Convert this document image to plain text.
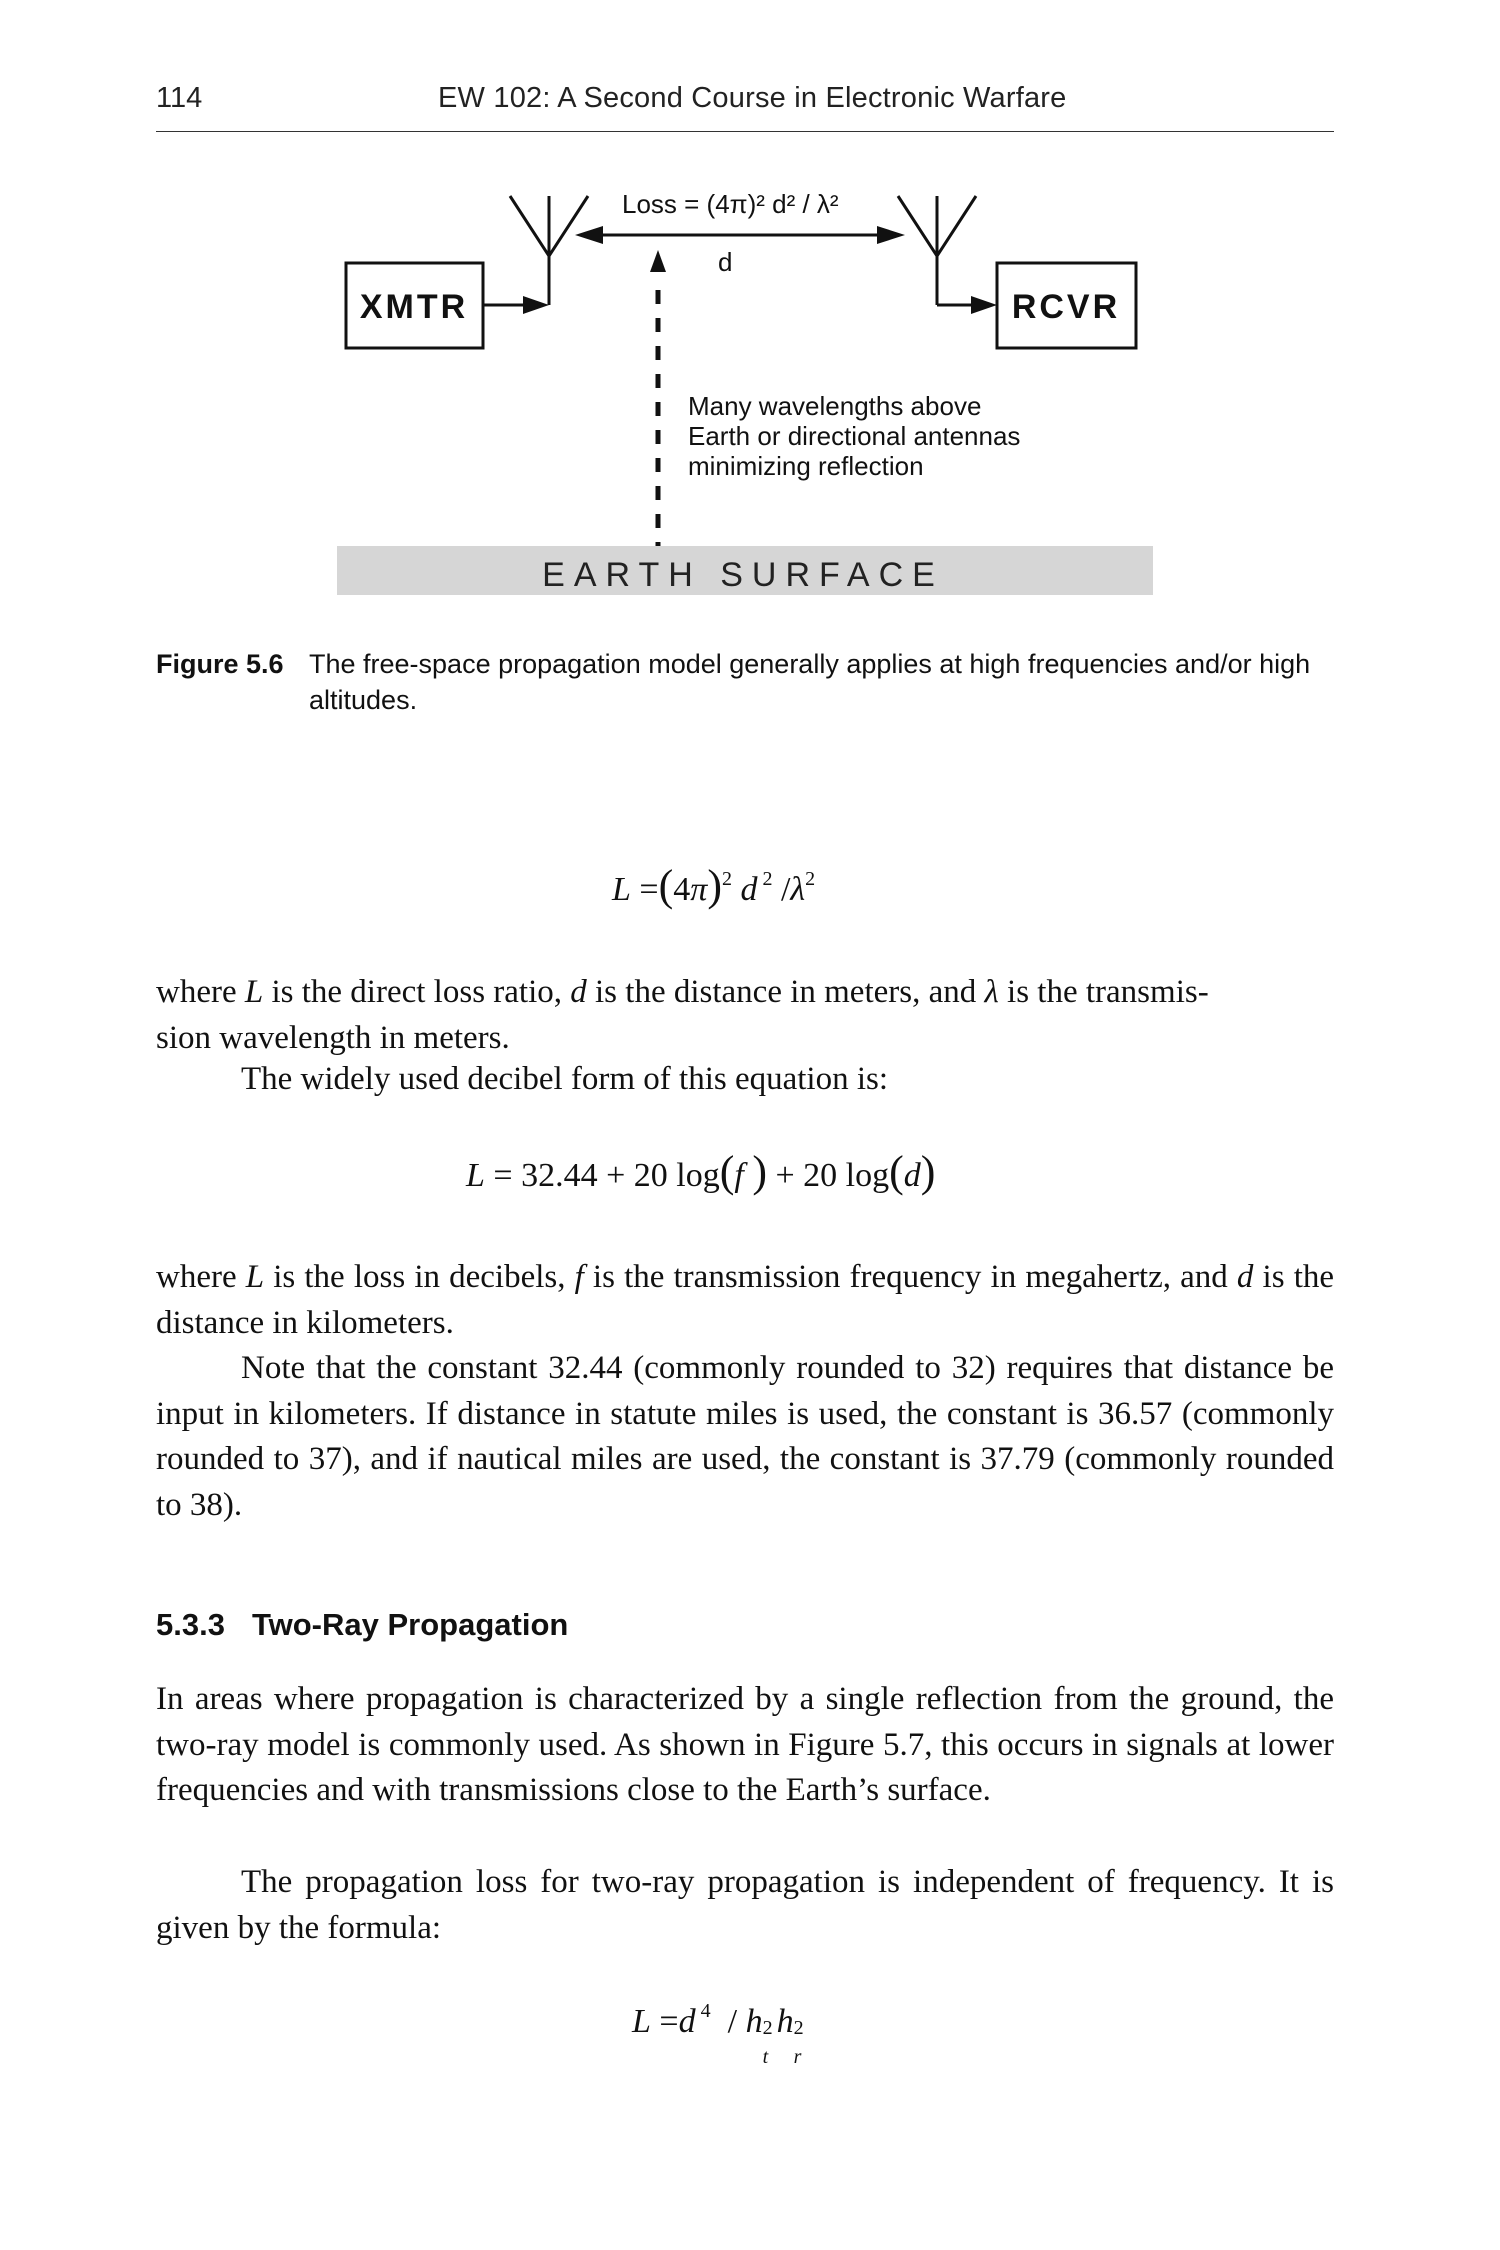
114	EW 102: A Second Course in Electronic Warfare
XMTR	RCVR
Loss = (4π)² d² / λ²
d
Many wavelengths above
Earth or directional antennas
minimizing reflection
EARTH SURFACE
Figure 5.6 The free-space propagation model generally applies at high frequencies and/or high altitudes.
$L =(4\pi)^2$ d $^2$ $/\lambda^2$
where L is the direct loss ratio, d is the distance in meters, and λ is the transmis-
sion wavelength in meters.
The widely used decibel form of this equation is:
L = 32.44 + 20 log(f ) + 20 log(d)
where L is the loss in decibels, f is the transmission frequency in megahertz, and d is the distance in kilometers.
Note that the constant 32.44 (commonly rounded to 32) requires that distance be input in kilometers. If distance in statute miles is used, the constant is 36.57 (commonly rounded to 37), and if nautical miles are used, the constant is 37.79 (commonly rounded to 38).
5.3.3 Two-Ray Propagation
In areas where propagation is characterized by a single reflection from the ground, the two-ray model is commonly used. As shown in Figure 5.7, this occurs in signals at lower frequencies and with transmissions close to the Earth’s surface.
The propagation loss for two-ray propagation is independent of frequency. It is given by the formula:
L =d $^4$  / h 2
t
h 2
r
